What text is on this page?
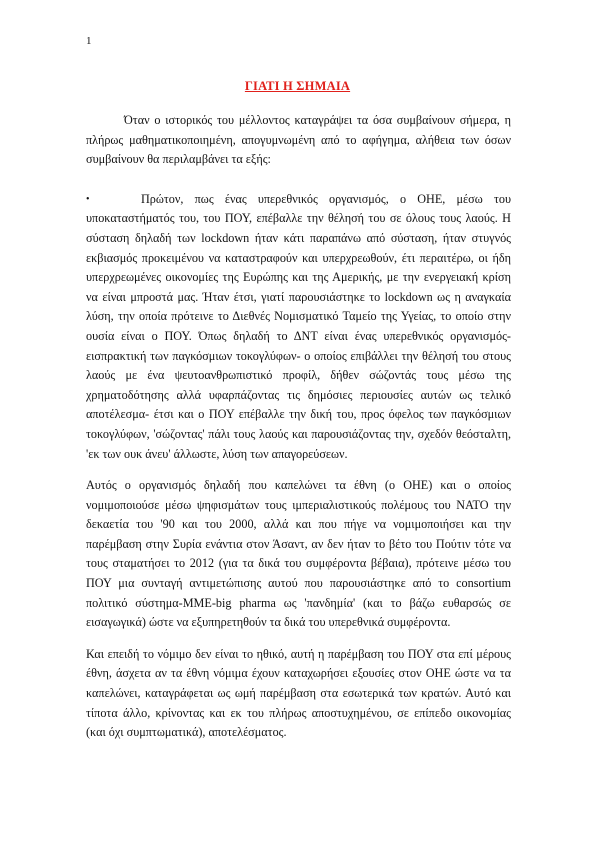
1
ΓΙΑΤΙ Η ΣΗΜΑΙΑ

Όταν ο ιστορικός του μέλλοντος καταγράψει τα όσα συμβαίνουν σήμερα, η πλήρως μαθηματικοποιημένη, απογυμνωμένη από το αφήγημα, αλήθεια των όσων συμβαίνουν θα περιλαμβάνει τα εξής:

•	Πρώτον, πως ένας υπερεθνικός οργανισμός, ο ΟΗΕ, μέσω του υποκαταστήματός του, του ΠΟΥ, επέβαλλε την θέλησή του σε όλους τους λαούς. Η σύσταση δηλαδή των lockdown ήταν κάτι παραπάνω από σύσταση, ήταν στυγνός εκβιασμός προκειμένου να καταστραφούν και υπερχρεωθούν, έτι περαιτέρω, οι ήδη υπερχρεωμένες οικονομίες της Ευρώπης και της Αμερικής, με την ενεργειακή κρίση να είναι μπροστά μας. Ήταν έτσι, γιατί παρουσιάστηκε το lockdown ως η αναγκαία λύση, την οποία πρότεινε το Διεθνές Νομισματικό Ταμείο της Υγείας, το οποίο στην ουσία είναι ο ΠΟΥ. Όπως δηλαδή το ΔΝΤ είναι ένας υπερεθνικός οργανισμός-εισπρακτική των παγκόσμιων τοκογλύφων- ο οποίος επιβάλλει την θέλησή του στους λαούς με ένα ψευτοανθρωπιστικό προφίλ, δήθεν σώζοντάς τους μέσω της χρηματοδότησης αλλά υφαρπάζοντας τις δημόσιες περιουσίες αυτών ως τελικό αποτέλεσμα- έτσι και ο ΠΟΥ επέβαλλε την δική του, προς όφελος των παγκόσμιων τοκογλύφων, 'σώζοντας' πάλι τους λαούς και παρουσιάζοντας την, σχεδόν θεόσταλτη, 'εκ των ουκ άνευ' άλλωστε, λύση των απαγορεύσεων.

Αυτός ο οργανισμός δηλαδή που καπελώνει τα έθνη (ο ΟΗΕ) και ο οποίος νομιμοποιούσε μέσω ψηφισμάτων τους ιμπεριαλιστικούς πολέμους του ΝΑΤΟ την δεκαετία του '90 και του 2000, αλλά και που πήγε να νομιμοποιήσει και την παρέμβαση στην Συρία ενάντια στον Άσαντ, αν δεν ήταν το βέτο του Πούτιν τότε να τους σταματήσει το 2012 (για τα δικά του συμφέροντα βέβαια), πρότεινε μέσω του ΠΟΥ μια συνταγή αντιμετώπισης αυτού που παρουσιάστηκε από το consortium πολιτικό σύστημα-ΜΜΕ-big pharma ως 'πανδημία' (και το βάζω ευθαρσώς σε εισαγωγικά) ώστε να εξυπηρετηθούν τα δικά του υπερεθνικά συμφέροντα.

Και επειδή το νόμιμο δεν είναι το ηθικό, αυτή η παρέμβαση του ΠΟΥ στα επί μέρους έθνη, άσχετα αν τα έθνη νόμιμα έχουν καταχωρήσει εξουσίες στον ΟΗΕ ώστε να τα καπελώνει, καταγράφεται ως ωμή παρέμβαση στα εσωτερικά των κρατών. Αυτό και τίποτα άλλο, κρίνοντας και εκ του πλήρως αποστυχημένου, σε επίπεδο οικονομίας (και όχι συμπτωματικά), αποτελέσματος.
